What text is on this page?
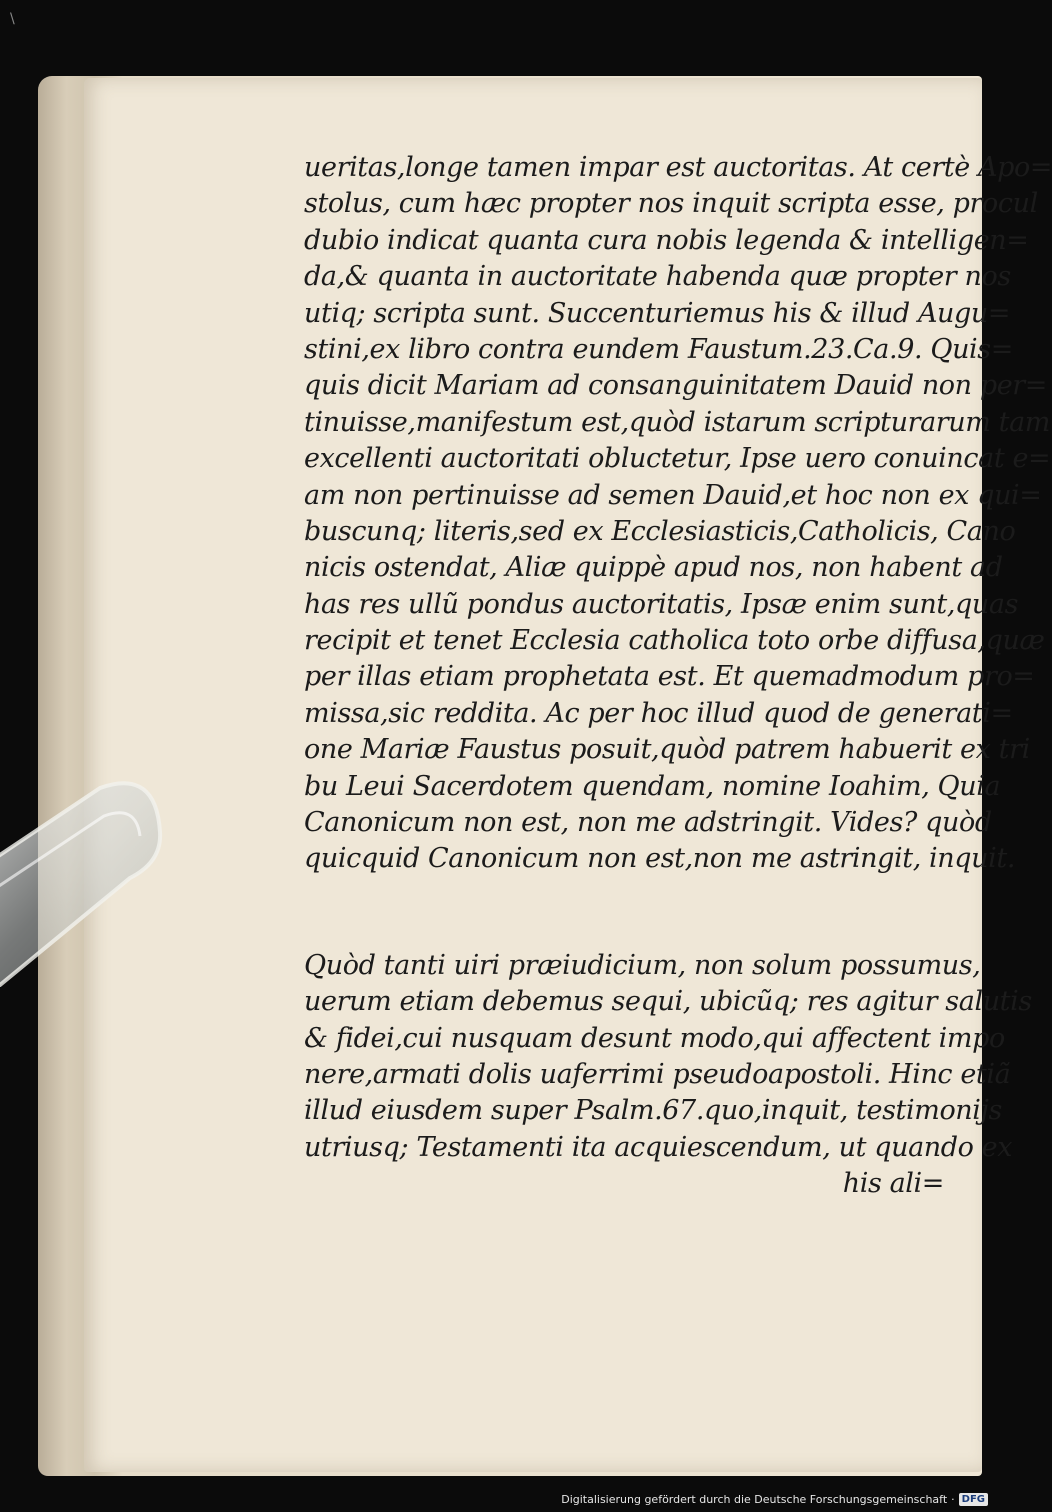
\
ueritas,longe tamen impar est auctoritas. At certè Apo=
stolus, cum hæc propter nos inquit scripta esse, procul
dubio indicat quanta cura nobis legenda & intelligen=
da,& quanta in auctoritate habenda quæ propter nos
utiq; scripta sunt. Succenturiemus his & illud Augu=
stini,ex libro contra eundem Faustum.23.Ca.9. Quis=
quis dicit Mariam ad consanguinitatem Dauid non per=
tinuisse,manifestum est,quòd istarum scripturarum tam
excellenti auctoritati obluctetur, Ipse uero conuincat e=
am non pertinuisse ad semen Dauid,et hoc non ex qui=
buscunq; literis,sed ex Ecclesiasticis,Catholicis, Cano
nicis ostendat, Aliæ quippè apud nos, non habent ad
has res ullũ pondus auctoritatis, Ipsæ enim sunt,quas
recipit et tenet Ecclesia catholica toto orbe diffusa,quæ
per illas etiam prophetata est. Et quemadmodum pro=
missa,sic reddita. Ac per hoc illud quod de generati=
one Mariæ Faustus posuit,quòd patrem habuerit ex tri
bu Leui Sacerdotem quendam, nomine Ioahim, Quia
Canonicum non est, non me adstringit. Vides? quòd
quicquid Canonicum non est,non me astringit, inquit.
Quòd tanti uiri præiudicium, non solum possumus,
uerum etiam debemus sequi, ubicũq; res agitur salutis
& fidei,cui nusquam desunt modo,qui affectent impo
nere,armati dolis uaferrimi pseudoapostoli. Hinc etiã
illud eiusdem super Psalm.67.quo,inquit, testimonijs
utriusq; Testamenti ita acquiescendum, ut quando ex
his ali=
Digitalisierung gefördert durch die Deutsche Forschungsgemeinschaft · DFG
